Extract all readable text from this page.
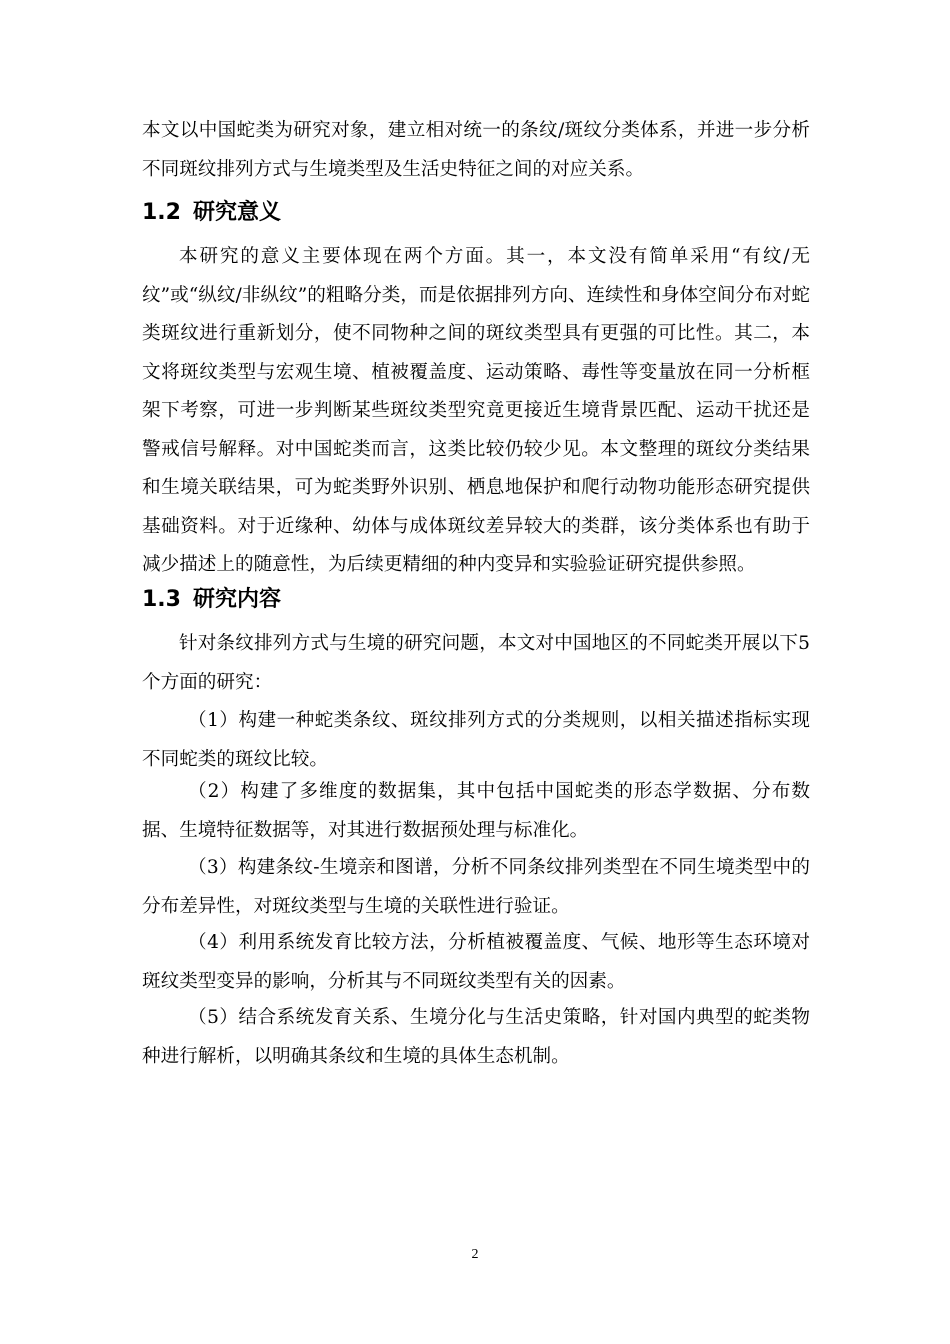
本文以中国蛇类为研究对象，建立相对统一的条纹/斑纹分类体系，并进一步分析不同斑纹排列方式与生境类型及生活史特征之间的对应关系。

1.2 研究意义

本研究的意义主要体现在两个方面。其一，本文没有简单采用“有纹/无纹”或“纵纹/非纵纹”的粗略分类，而是依据排列方向、连续性和身体空间分布对蛇类斑纹进行重新划分，使不同物种之间的斑纹类型具有更强的可比性。其二，本文将斑纹类型与宏观生境、植被覆盖度、运动策略、毒性等变量放在同一分析框架下考察，可进一步判断某些斑纹类型究竟更接近生境背景匹配、运动干扰还是警戒信号解释。对中国蛇类而言，这类比较仍较少见。本文整理的斑纹分类结果和生境关联结果，可为蛇类野外识别、栖息地保护和爬行动物功能形态研究提供基础资料。对于近缘种、幼体与成体斑纹差异较大的类群，该分类体系也有助于减少描述上的随意性，为后续更精细的种内变异和实验验证研究提供参照。

1.3 研究内容

针对条纹排列方式与生境的研究问题，本文对中国地区的不同蛇类开展以下5个方面的研究：

（1）构建一种蛇类条纹、斑纹排列方式的分类规则，以相关描述指标实现不同蛇类的斑纹比较。

（2）构建了多维度的数据集，其中包括中国蛇类的形态学数据、分布数据、生境特征数据等，对其进行数据预处理与标准化。

（3）构建条纹-生境亲和图谱，分析不同条纹排列类型在不同生境类型中的分布差异性，对斑纹类型与生境的关联性进行验证。

（4）利用系统发育比较方法，分析植被覆盖度、气候、地形等生态环境对斑纹类型变异的影响，分析其与不同斑纹类型有关的因素。

（5）结合系统发育关系、生境分化与生活史策略，针对国内典型的蛇类物种进行解析，以明确其条纹和生境的具体生态机制。

2
